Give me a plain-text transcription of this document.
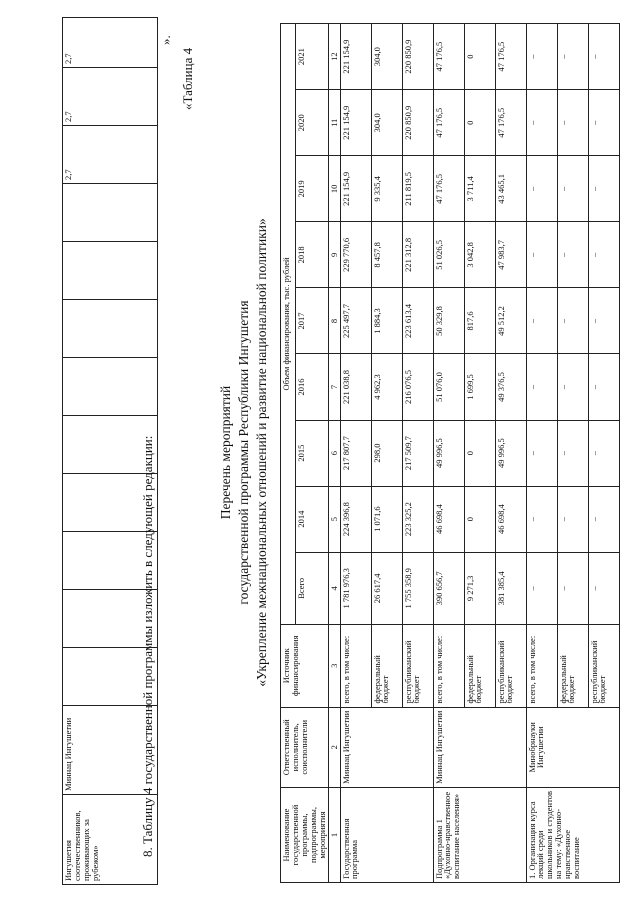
Ингушетия соотечественников, проживающих за рубежом»	Миннац Ингушетии										2,7	2,7	2,7
».
8. Таблицу 4 государственной программы изложить в следующей редакции:
«Таблица 4
Перечень мероприятий государственной программы Республики Ингушетия «Укрепление межнациональных отношений и развитие национальной политики»
Наименование государственной программы, подпрограммы, мероприятия	Ответственный исполнитель, соисполнители	Источник финансирования	Объем финансирования, тыс. рублей								
			Всего	2014	2015	2016	2017	2018	2019	2020	2021
1	2	3	4	5	6	7	8	9	10	11	12
Государственная программа	Миннац Ингушетии	всего, в том числе:	1 781 976,3	224 396,8	217 807,7	221 038,8	225 497,7	229 770,6	221 154,9	221 154,9	221 154,9
		федеральный бюджет	26 617,4	1 071,6	298,0	4 962,3	1 884,3	8 457,8	9 335,4	304,0	304,0
		республиканский бюджет	1 755 358,9	223 325,2	217 509,7	216 076,5	223 613,4	221 312,8	211 819,5	220 850,9	220 850,9
Подпрограмма 1 «Духовно-нравственное воспитание населения»	Миннац Ингушетии	всего, в том числе:	390 656,7	46 698,4	49 996,5	51 076,0	50 329,8	51 026,5	47 176,5	47 176,5	47 176,5
		федеральный бюджет	9 271,3	0	0	1 699,5	817,6	3 042,8	3 711,4	0	0
		республиканский бюджет	381 385,4	46 698,4	49 996,5	49 376,5	49 512,2	47 983,7	43 465,1	47 176,5	47 176,5
1. Организация курса лекций среди школьников и студентов на тему: «Духовно-нравственное воспитание	Минобрнауки Ингушетии	всего, в том числе:	–	–	–	–	–	–	–	–	–
		федеральный бюджет	–	–	–	–	–	–	–	–	–
		республиканский бюджет	–	–	–	–	–	–	–	–	–
